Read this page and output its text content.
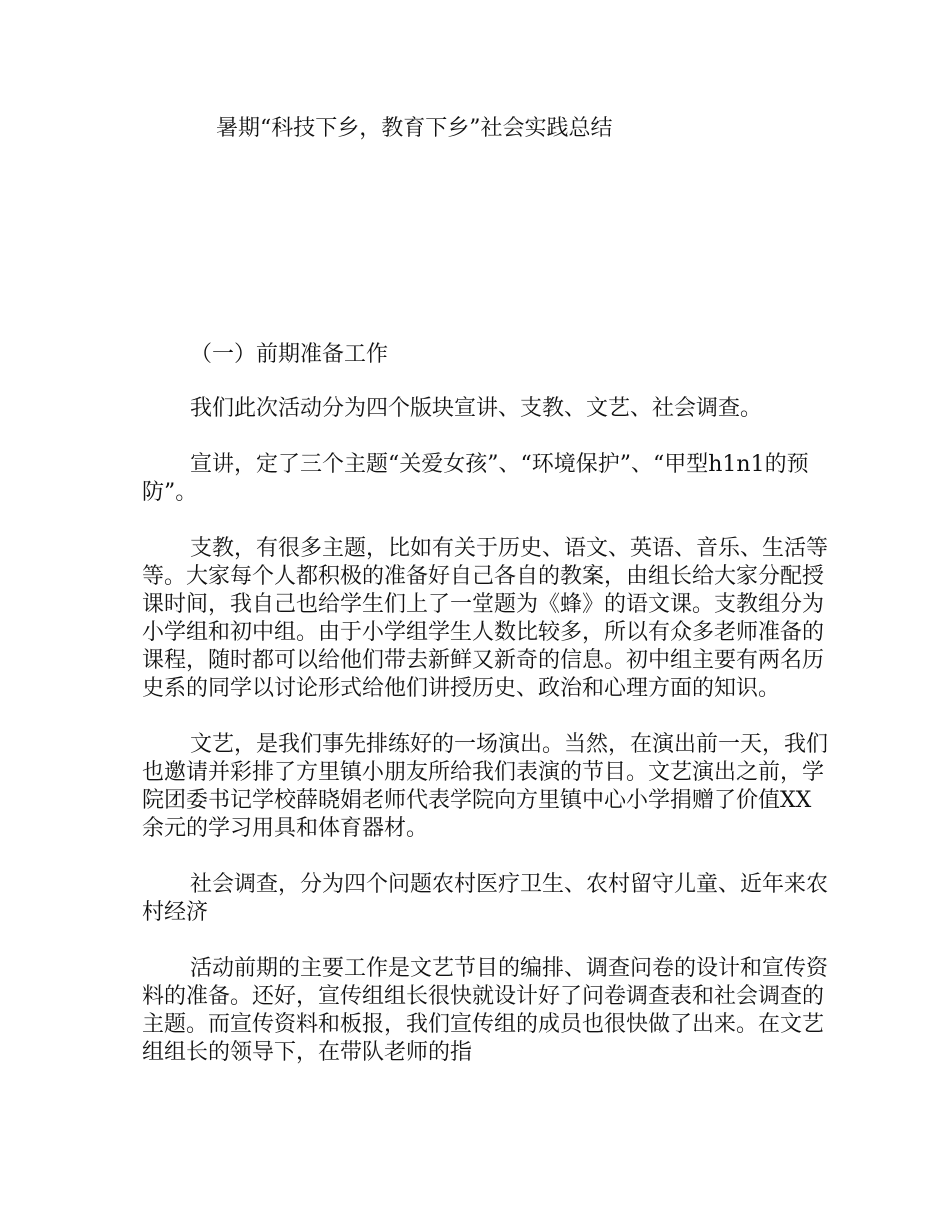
暑期“科技下乡，教育下乡”社会实践总结
（一）前期准备工作

我们此次活动分为四个版块宣讲、支教、文艺、社会调查。

宣讲，定了三个主题“关爱女孩”、“环境保护”、“甲型h1n1的预防”。

支教，有很多主题，比如有关于历史、语文、英语、音乐、生活等等。大家每个人都积极的准备好自己各自的教案，由组长给大家分配授课时间，我自己也给学生们上了一堂题为《蜂》的语文课。支教组分为小学组和初中组。由于小学组学生人数比较多，所以有众多老师准备的课程，随时都可以给他们带去新鲜又新奇的信息。初中组主要有两名历史系的同学以讨论形式给他们讲授历史、政治和心理方面的知识。

文艺，是我们事先排练好的一场演出。当然，在演出前一天，我们也邀请并彩排了方里镇小朋友所给我们表演的节目。文艺演出之前，学院团委书记学校薛晓娟老师代表学院向方里镇中心小学捐赠了价值XX余元的学习用具和体育器材。

社会调查，分为四个问题农村医疗卫生、农村留守儿童、近年来农村经济

活动前期的主要工作是文艺节目的编排、调查问卷的设计和宣传资料的准备。还好，宣传组组长很快就设计好了问卷调查表和社会调查的主题。而宣传资料和板报，我们宣传组的成员也很快做了出来。在文艺组组长的领导下，在带队老师的指
